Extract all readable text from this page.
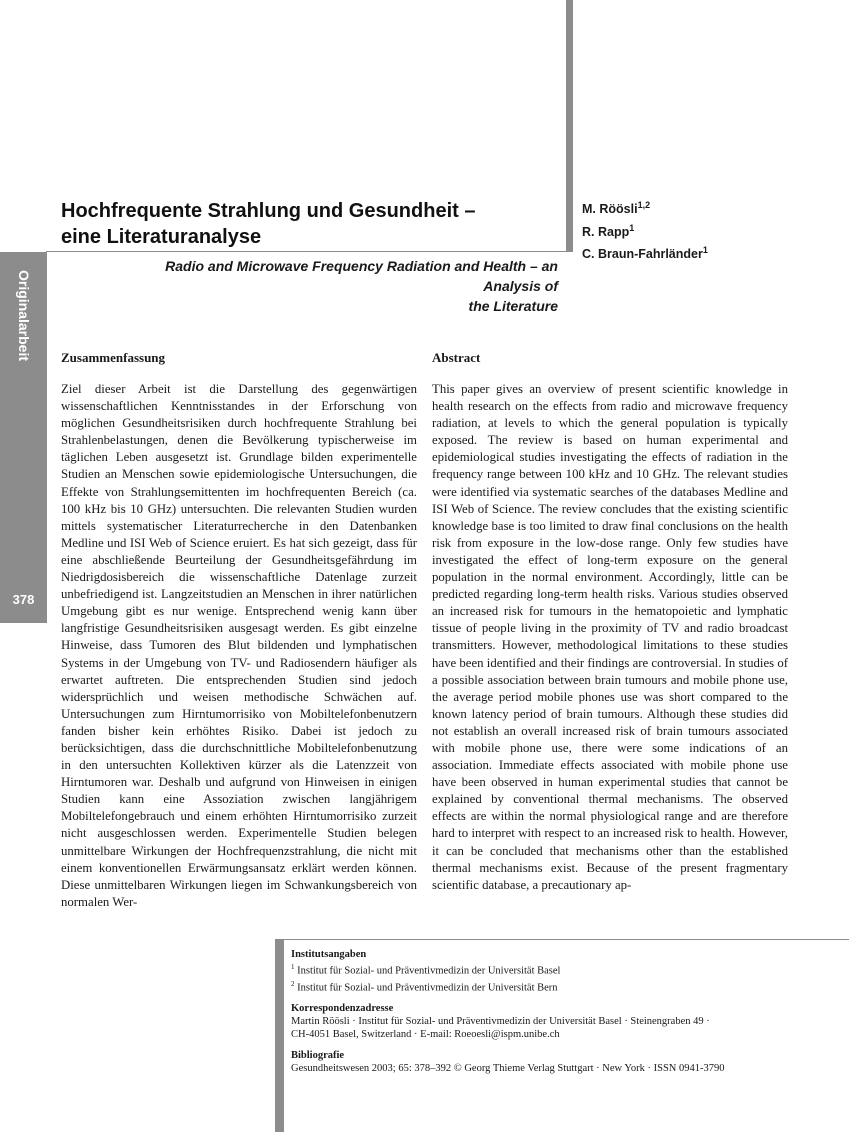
Originalarbeit
378
Hochfrequente Strahlung und Gesundheit –
eine Literaturanalyse
M. Röösli$^{1,2}$
R. Rapp$^1$
C. Braun-Fahrländer$^1$
Radio and Microwave Frequency Radiation and Health – an Analysis of
the Literature
Zusammenfassung

Ziel dieser Arbeit ist die Darstellung des gegenwärtigen wissenschaftlichen Kenntnisstandes in der Erforschung von möglichen Gesundheitsrisiken durch hochfrequente Strahlung bei Strahlenbelastungen, denen die Bevölkerung typischerweise im täglichen Leben ausgesetzt ist. Grundlage bilden experimentelle Studien an Menschen sowie epidemiologische Untersuchungen, die Effekte von Strahlungsemittenten im hochfrequenten Bereich (ca. 100 kHz bis 10 GHz) untersuchten. Die relevanten Studien wurden mittels systematischer Literaturrecherche in den Datenbanken Medline und ISI Web of Science eruiert. Es hat sich gezeigt, dass für eine abschließende Beurteilung der Gesundheitsgefährdung im Niedrigdosisbereich die wissenschaftliche Datenlage zurzeit unbefriedigend ist. Langzeitstudien an Menschen in ihrer natürlichen Umgebung gibt es nur wenige. Entsprechend wenig kann über langfristige Gesundheitsrisiken ausgesagt werden. Es gibt einzelne Hinweise, dass Tumoren des Blut bildenden und lymphatischen Systems in der Umgebung von TV- und Radiosendern häufiger als erwartet auftreten. Die entsprechenden Studien sind jedoch widersprüchlich und weisen methodische Schwächen auf. Untersuchungen zum Hirntumorrisiko von Mobiltelefonbenutzern fanden bisher kein erhöhtes Risiko. Dabei ist jedoch zu berücksichtigen, dass die durchschnittliche Mobiltelefonbenutzung in den untersuchten Kollektiven kürzer als die Latenzzeit von Hirntumoren war. Deshalb und aufgrund von Hinweisen in einigen Studien kann eine Assoziation zwischen langjährigem Mobiltelefongebrauch und einem erhöhten Hirntumorrisiko zurzeit nicht ausgeschlossen werden. Experimentelle Studien belegen unmittelbare Wirkungen der Hochfrequenzstrahlung, die nicht mit einem konventionellen Erwärmungsansatz erklärt werden können. Diese unmittelbaren Wirkungen liegen im Schwankungsbereich von normalen Wer-

Abstract

This paper gives an overview of present scientific knowledge in health research on the effects from radio and microwave frequency radiation, at levels to which the general population is typically exposed. The review is based on human experimental and epidemiological studies investigating the effects of radiation in the frequency range between 100 kHz and 10 GHz. The relevant studies were identified via systematic searches of the databases Medline and ISI Web of Science. The review concludes that the existing scientific knowledge base is too limited to draw final conclusions on the health risk from exposure in the low-dose range. Only few studies have investigated the effect of long-term exposure on the general population in the normal environment. Accordingly, little can be predicted regarding long-term health risks. Various studies observed an increased risk for tumours in the hematopoietic and lymphatic tissue of people living in the proximity of TV and radio broadcast transmitters. However, methodological limitations to these studies have been identified and their findings are controversial. In studies of a possible association between brain tumours and mobile phone use, the average period mobile phones use was short compared to the known latency period of brain tumours. Although these studies did not establish an overall increased risk of brain tumours associated with mobile phone use, there were some indications of an association. Immediate effects associated with mobile phone use have been observed in human experimental studies that cannot be explained by conventional thermal mechanisms. The observed effects are within the normal physiological range and are therefore hard to interpret with respect to an increased risk to health. However, it can be concluded that mechanisms other than the established thermal mechanisms exist. Because of the present fragmentary scientific database, a precautionary ap-

Institutsangaben
$^1$ Institut für Sozial- und Präventivmedizin der Universität Basel
$^2$ Institut für Sozial- und Präventivmedizin der Universität Bern
Korrespondenzadresse
Martin Röösli · Institut für Sozial- und Präventivmedizin der Universität Basel · Steinengraben 49 ·
CH-4051 Basel, Switzerland · E-mail: Roeoesli@ispm.unibe.ch
Bibliografie
Gesundheitswesen 2003; 65: 378–392 © Georg Thieme Verlag Stuttgart · New York · ISSN 0941-3790
